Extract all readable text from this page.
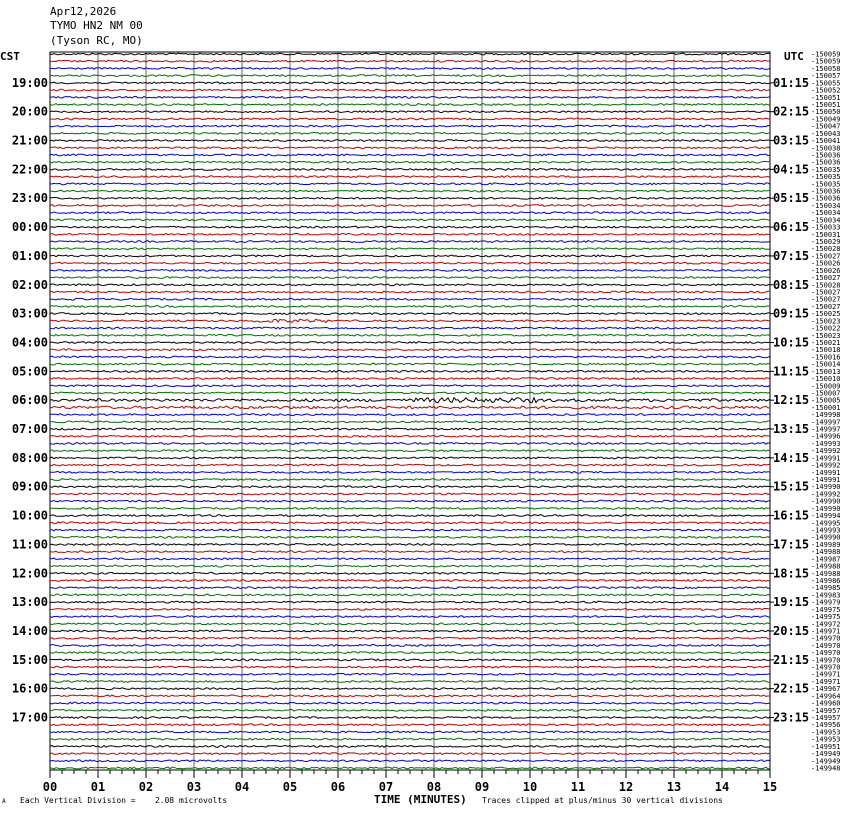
Apr12,2026
TYMO HN2 NM 00
(Tyson RC, MO)
CST	UTC -150059
-150059
-150058
-150057
-150055
-150052
-150051
-150051
-150050
-150049
-150047
-150043
-150041
-150038
-150036
-150036
-150035
-150035
-150035
-150036
-150036
-150034
-150034
-150034
-150033
-150031
-150029
-150028
-150027
-150026
-150026
-150027
-150028
-150027
-150027
-150027
-150025
-150023
-150022
-150023
-150021
-150018
-150016
-150014
-150013
-150010
-150009
-150007
-150005
-150001
-149998
-149997
-149997
-149996
-149993
-149992
-149991
-149992
-149991
-149991
-149990
-149992
-149990
-149990
-149994
-149995
-149993
-149990
-149989
-149988
-149987
-149988
-149988
-149986
-149985
-149983
-149979
-149975
-149975
-149972
-149971
-149970
-149970
-149970
-149970
-149970
-149971
-149971
-149967
-149964
-149960
-149957
-149957
-149956
-149953
-149953
-149951
-149949
-149949
-149948
19:00	01:15
20:00	02:15
21:00	03:15
22:00	04:15
23:00	05:15
00:00	06:15
01:00	07:15
02:00	08:15
03:00	09:15
04:00	10:15
05:00	11:15
06:00	12:15
07:00	13:15
08:00	14:15
09:00	15:15
10:00	16:15
11:00	17:15
12:00	18:15
13:00	19:15
14:00	20:15
15:00	21:15
16:00	22:15
17:00	23:15
00	01	02	03	04	05	06	07	08	09	10	11	12	13	14	15
A Each Vertical Division =    2.08 microvolts	TIME (MINUTES) Traces clipped at plus/minus 30 vertical divisions
